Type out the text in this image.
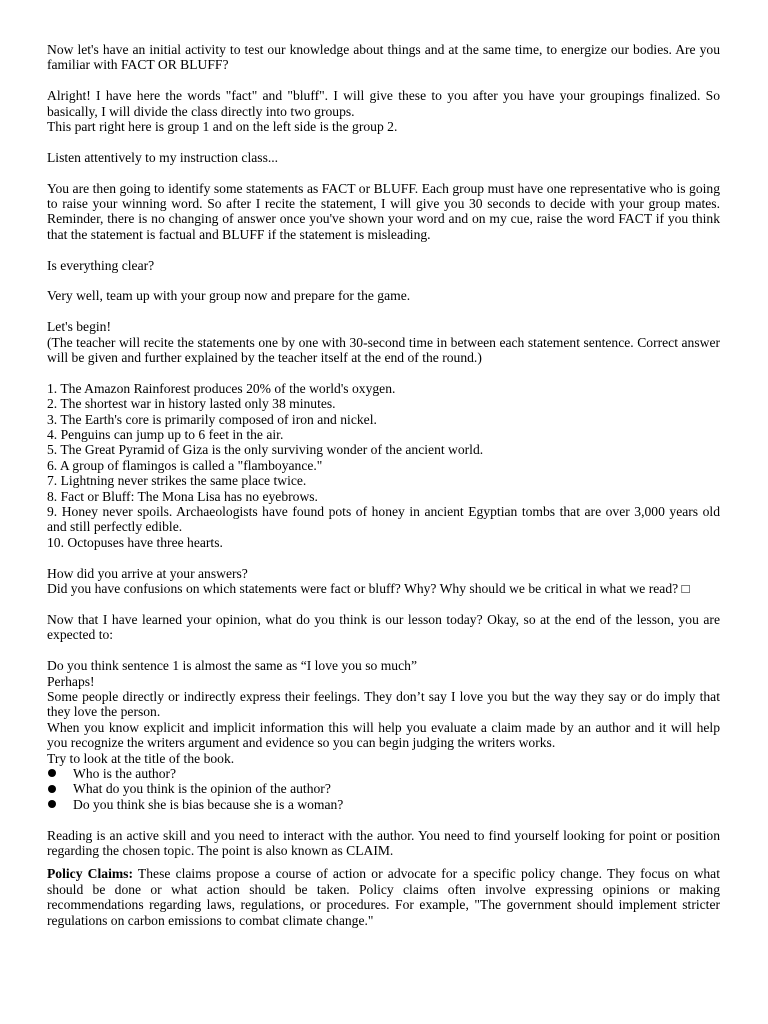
Now let's have an initial activity to test our knowledge about things and at the same time, to energize our bodies. Are you familiar with FACT OR BLUFF?

Alright! I have here the words "fact" and "bluff". I will give these to you after you have your groupings finalized. So basically, I will divide the class directly into two groups.

This part right here is group 1 and on the left side is the group 2.

Listen attentively to my instruction class...

You are then going to identify some statements as FACT or BLUFF. Each group must have one representative who is going to raise your winning word. So after I recite the statement, I will give you 30 seconds to decide with your group mates. Reminder, there is no changing of answer once you've shown your word and on my cue, raise the word FACT if you think that the statement is factual and BLUFF if the statement is misleading.

Is everything clear?

Very well, team up with your group now and prepare for the game.

Let's begin!

(The teacher will recite the statements one by one with 30-second time in between each statement sentence. Correct answer will be given and further explained by the teacher itself at the end of the round.)

1. The Amazon Rainforest produces 20% of the world's oxygen.
2. The shortest war in history lasted only 38 minutes.
3. The Earth's core is primarily composed of iron and nickel.
4. Penguins can jump up to 6 feet in the air.
5. The Great Pyramid of Giza is the only surviving wonder of the ancient world.
6. A group of flamingos is called a "flamboyance."
7. Lightning never strikes the same place twice.
8. Fact or Bluff: The Mona Lisa has no eyebrows.
9. Honey never spoils. Archaeologists have found pots of honey in ancient Egyptian tombs that are over 3,000 years old and still perfectly edible.
10. Octopuses have three hearts.

How did you arrive at your answers?

Did you have confusions on which statements were fact or bluff? Why? Why should we be critical in what we read? □

Now that I have learned your opinion, what do you think is our lesson today? Okay, so at the end of the lesson, you are expected to:

Do you think sentence 1 is almost the same as “I love you so much”

Perhaps!

Some people directly or indirectly express their feelings. They don’t say I love you but the way they say or do imply that they love the person.

When you know explicit and implicit information this will help you evaluate a claim made by an author and it will help you recognize the writers argument and evidence so you can begin judging the writers works.

Try to look at the title of the book.

Who is the author?
What do you think is the opinion of the author?
Do you think she is bias because she is a woman?

Reading is an active skill and you need to interact with the author. You need to find yourself looking for point or position regarding the chosen topic. The point is also known as CLAIM.

Policy Claims: These claims propose a course of action or advocate for a specific policy change. They focus on what should be done or what action should be taken. Policy claims often involve expressing opinions or making recommendations regarding laws, regulations, or procedures. For example, "The government should implement stricter regulations on carbon emissions to combat climate change."
